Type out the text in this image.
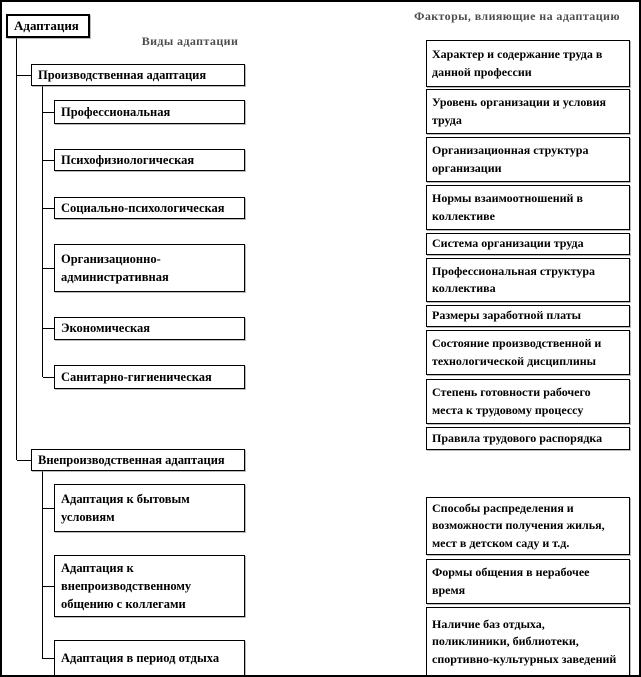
Адаптация
Виды адаптации
Факторы, влияющие на адаптацию
Производственная адаптация
Профессиональная
Психофизиологическая
Социально-психологическая
Организационно-административная
Экономическая
Санитарно-гигиеническая
Внепроизводственная адаптация
Адаптация к бытовым условиям
Адаптация к внепроизводственному общению с коллегами
Адаптация в период отдыха
Характер и содержание труда в данной профессии
Уровень организации и условия труда
Организационная структура организации
Нормы взаимоотношений в коллективе
Система организации труда
Профессиональная структура коллектива
Размеры заработной платы
Состояние производственной и технологической дисциплины
Степень готовности рабочего места к трудовому процессу
Правила трудового распорядка
Способы распределения и возможности получения жилья, мест в детском саду и т.д.
Формы общения в нерабочее время
Наличие баз отдыха, поликлиники, библиотеки, спортивно-культурных заведений
